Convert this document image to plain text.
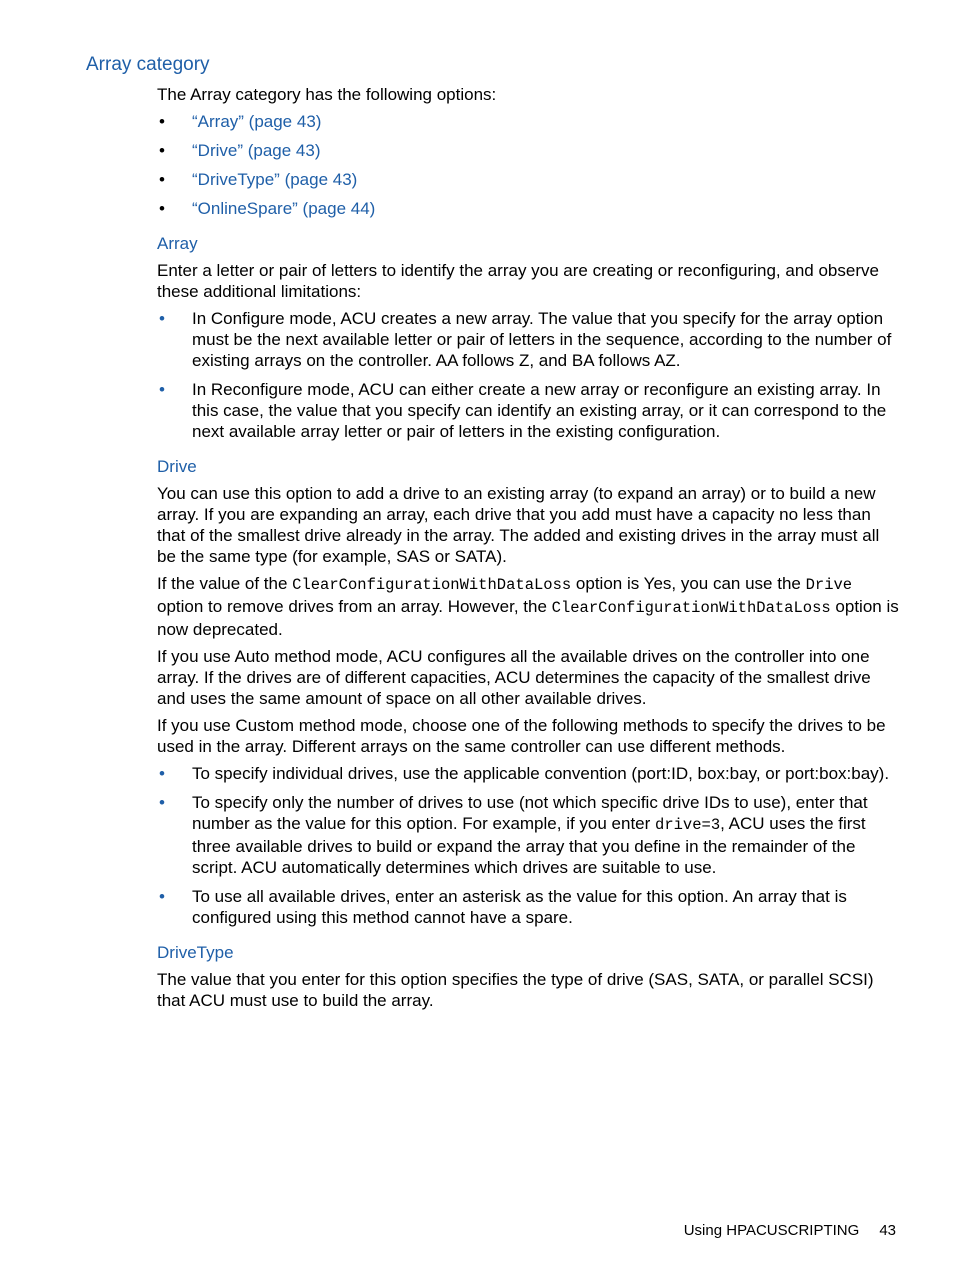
Array category

The Array category has the following options:

• “Array” (page 43)
• “Drive” (page 43)
• “DriveType” (page 43)
• “OnlineSpare” (page 44)
Array

Enter a letter or pair of letters to identify the array you are creating or reconfiguring, and observe these additional limitations:

• In Configure mode, ACU creates a new array. The value that you specify for the array option must be the next available letter or pair of letters in the sequence, according to the number of existing arrays on the controller. AA follows Z, and BA follows AZ.
• In Reconfigure mode, ACU can either create a new array or reconfigure an existing array. In this case, the value that you specify can identify an existing array, or it can correspond to the next available array letter or pair of letters in the existing configuration.
Drive

You can use this option to add a drive to an existing array (to expand an array) or to build a new array. If you are expanding an array, each drive that you add must have a capacity no less than that of the smallest drive already in the array. The added and existing drives in the array must all be the same type (for example, SAS or SATA).

If the value of the ClearConfigurationWithDataLoss option is Yes, you can use the Drive option to remove drives from an array. However, the ClearConfigurationWithDataLoss option is now deprecated.

If you use Auto method mode, ACU configures all the available drives on the controller into one array. If the drives are of different capacities, ACU determines the capacity of the smallest drive and uses the same amount of space on all other available drives.

If you use Custom method mode, choose one of the following methods to specify the drives to be used in the array. Different arrays on the same controller can use different methods.

• To specify individual drives, use the applicable convention (port:ID, box:bay, or port:box:bay).
• To specify only the number of drives to use (not which specific drive IDs to use), enter that number as the value for this option. For example, if you enter drive=3, ACU uses the first three available drives to build or expand the array that you define in the remainder of the script. ACU automatically determines which drives are suitable to use.
• To use all available drives, enter an asterisk as the value for this option. An array that is configured using this method cannot have a spare.
DriveType

The value that you enter for this option specifies the type of drive (SAS, SATA, or parallel SCSI) that ACU must use to build the array.

Using HPACUSCRIPTING 43
